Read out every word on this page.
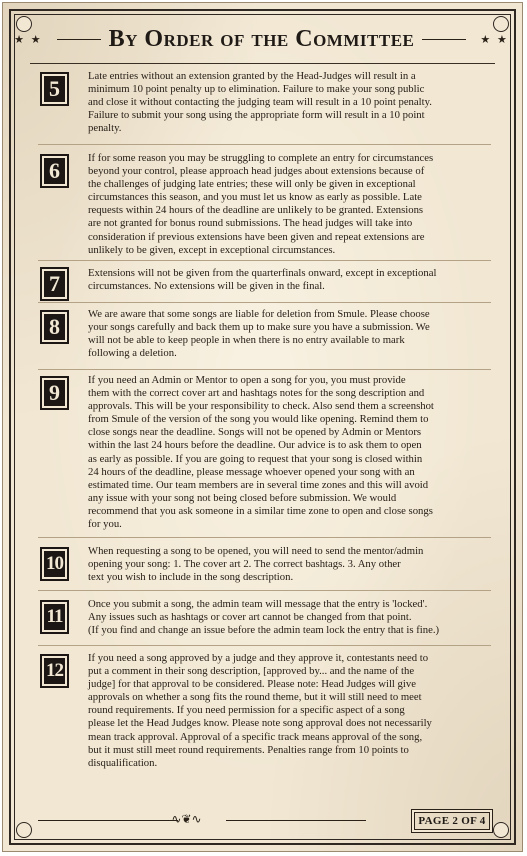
★ ★	By Order of the Committee	★ ★
5	Late entries without an extension granted by the Head-Judges will result in a
minimum 10 point penalty up to elimination. Failure to make your song public
and close it without contacting the judging team will result in a 10 point penalty.
Failure to submit your song using the appropriate form will result in a 10 point
penalty.
6	If for some reason you may be struggling to complete an entry for circumstances
beyond your control, please approach head judges about extensions because of
the challenges of judging late entries; these will only be given in exceptional
circumstances this season, and you must let us know as early as possible. Late
requests within 24 hours of the deadline are unlikely to be granted. Extensions
are not granted for bonus round submissions. The head judges will take into
consideration if previous extensions have been given and repeat extensions are
unlikely to be given, except in exceptional circumstances.
7	Extensions will not be given from the quarterfinals onward, except in exceptional
circumstances. No extensions will be given in the final.
8	We are aware that some songs are liable for deletion from Smule. Please choose
your songs carefully and back them up to make sure you have a submission. We
will not be able to keep people in when there is no entry available to mark
following a deletion.
9	If you need an Admin or Mentor to open a song for you, you must provide
them with the correct cover art and hashtags notes for the song description and
approvals. This will be your responsibility to check. Also send them a screenshot
from Smule of the version of the song you would like opening. Remind them to
close songs near the deadline. Songs will not be opened by Admin or Mentors
within the last 24 hours before the deadline. Our advice is to ask them to open
as early as possible. If you are going to request that your song is closed within
24 hours of the deadline, please message whoever opened your song with an
estimated time. Our team members are in several time zones and this will avoid
any issue with your song not being closed before submission. We would
recommend that you ask someone in a similar time zone to open and close songs
for you.
10
When requesting a song to be opened, you will need to send the mentor/admin
opening your song: 1. The cover art 2. The correct bashtags. 3. Any other
text you wish to include in the song description.
11
Once you submit a song, the admin team will message that the entry is 'locked'.
Any issues such as hashtags or cover art cannot be changed from that point.
(If you find and change an issue before the admin team lock the entry that is fine.)
12
If you need a song approved by a judge and they approve it, contestants need to
put a comment in their song description, [approved by... and the name of the
judge] for that approval to be considered. Please note: Head Judges will give
approvals on whether a song fits the round theme, but it will still need to meet
round requirements. If you need permission for a specific aspect of a song
please let the Head Judges know. Please note song approval does not necessarily
mean track approval. Approval of a specific track means approval of the song,
but it must still meet round requirements. Penalties range from 10 points to
disqualification.
∿❦∿	PAGE 2 OF 4
